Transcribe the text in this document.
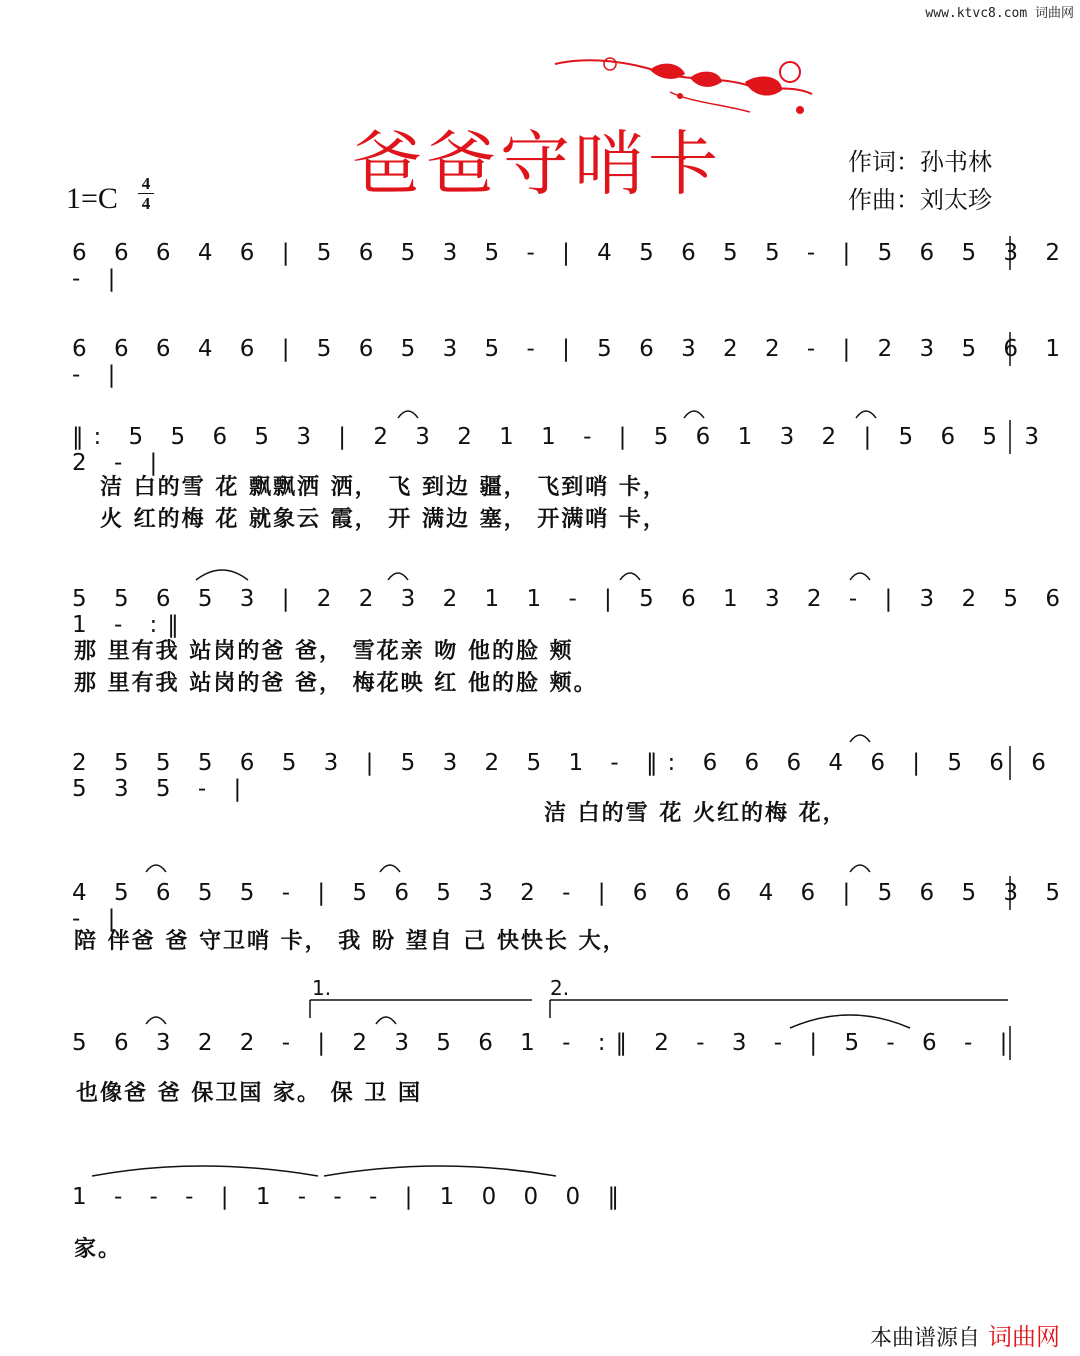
www.ktvc8.com 词曲网
爸爸守哨卡	作词：孙书林
作曲：刘太珍
1=C	4
4
6 6 6 4 6 | 5 6 5 3 5 - | 4 5 6 5 5 - | 5 6 5 3 2 - |
6 6 6 4 6 | 5 6 5 3 5 - | 5 6 3 2 2 - | 2 3 5 6 1 - |
‖: 5 5 6 5 3 | 2 3 2 1 1 - | 5 6 1 3 2 | 5 6 5 3 2 - |
洁 白的雪 花 飘飘洒 洒， 飞 到边 疆， 飞到哨 卡，
火 红的梅 花 就象云 霞， 开 满边 塞， 开满哨 卡，
5 5 6 5 3 | 2 2 3 2 1 1 - | 5 6 1 3 2 - | 3 2 5 6 1 - :‖
那 里有我 站岗的爸 爸， 雪花亲 吻 他的脸 颊
那 里有我 站岗的爸 爸， 梅花映 红 他的脸 颊。
2 5 5 5 6 5 3 | 5 3 2 5 1 - ‖: 6 6 6 4 6 | 5 6 6 5 3 5 - |
洁 白的雪 花 火红的梅 花，
4 5 6 5 5 - | 5 6 5 3 2 - | 6 6 6 4 6 | 5 6 5 3 5 - |
陪 伴爸 爸 守卫哨 卡， 我 盼 望自 己 快快长 大，
1.	2.
5 6 3 2 2 - | 2 3 5 6 1 - :‖ 2 - 3 - | 5 - 6 - |
也像爸 爸 保卫国 家。 保 卫 国
1 - - - | 1 - - - | 1 0 0 0 ‖
家。
本曲谱源自 词曲网
